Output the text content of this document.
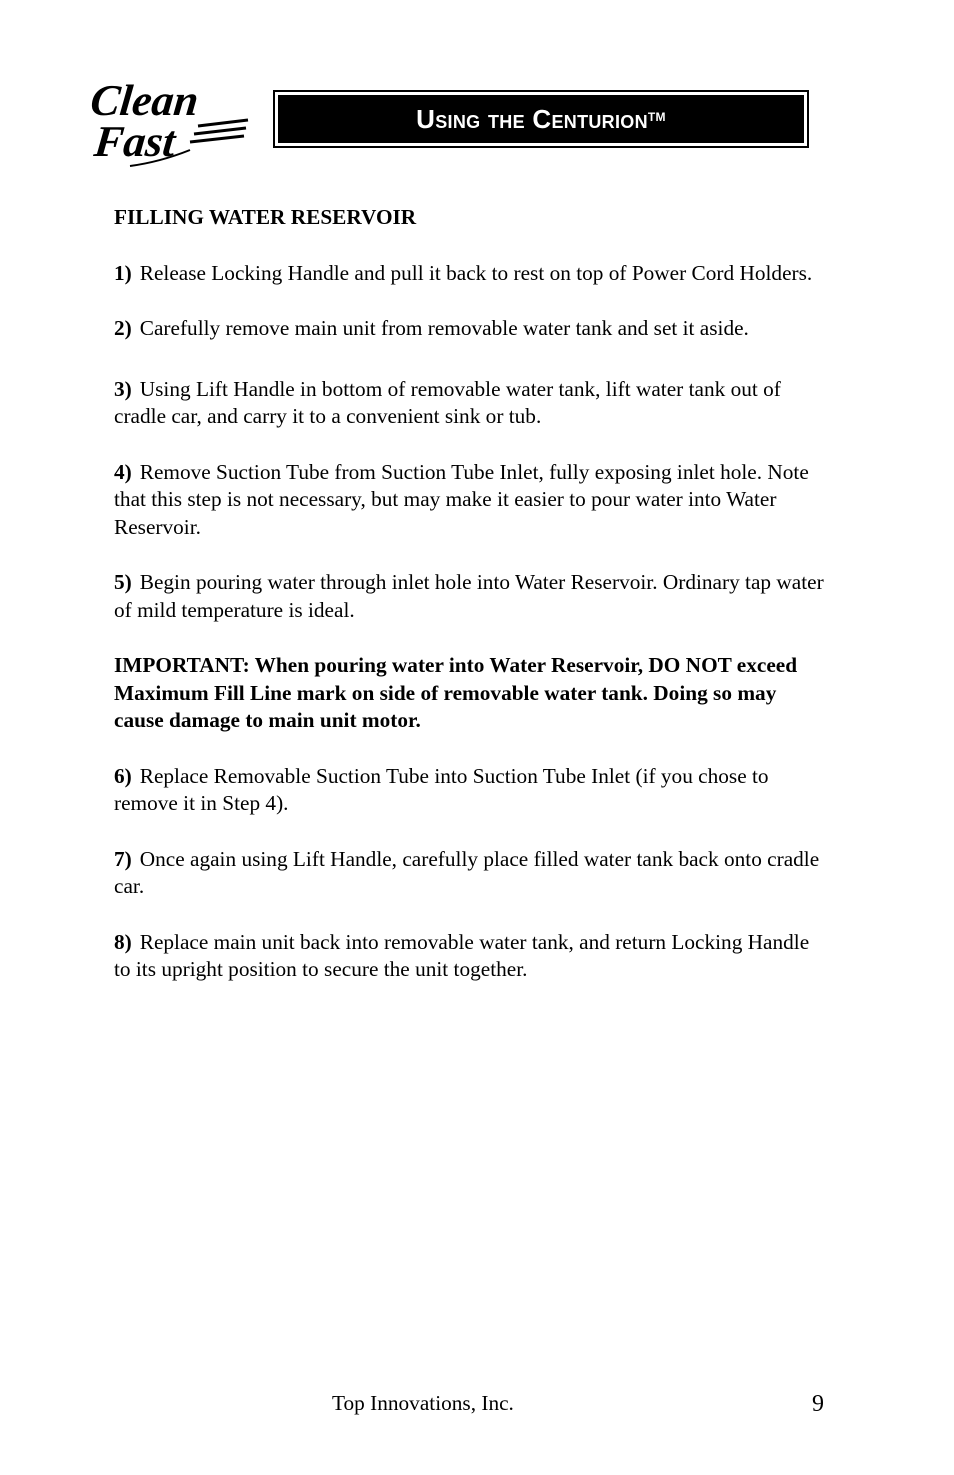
Clean
Fast	Using the Centurion™
FILLING WATER RESERVOIR
1) Release Locking Handle and pull it back to rest on top of Power Cord Holders.
2) Carefully remove main unit from removable water tank and set it aside.
3) Using Lift Handle in bottom of removable water tank, lift water tank out of cradle car, and carry it to a convenient sink or tub.
4) Remove Suction Tube from Suction Tube Inlet, fully exposing inlet hole. Note that this step is not necessary, but may make it easier to pour water into Water Reservoir.
5) Begin pouring water through inlet hole into Water Reservoir. Ordinary tap water of mild temperature is ideal.
IMPORTANT: When pouring water into Water Reservoir, DO NOT exceed Maximum Fill Line mark on side of removable water tank. Doing so may cause damage to main unit motor.
6) Replace Removable Suction Tube into Suction Tube Inlet (if you chose to remove it in Step 4).
7) Once again using Lift Handle, carefully place filled water tank back onto cradle car.
8) Replace main unit back into removable water tank, and return Locking Handle to its upright position to secure the unit together.
Top Innovations, Inc.	9
